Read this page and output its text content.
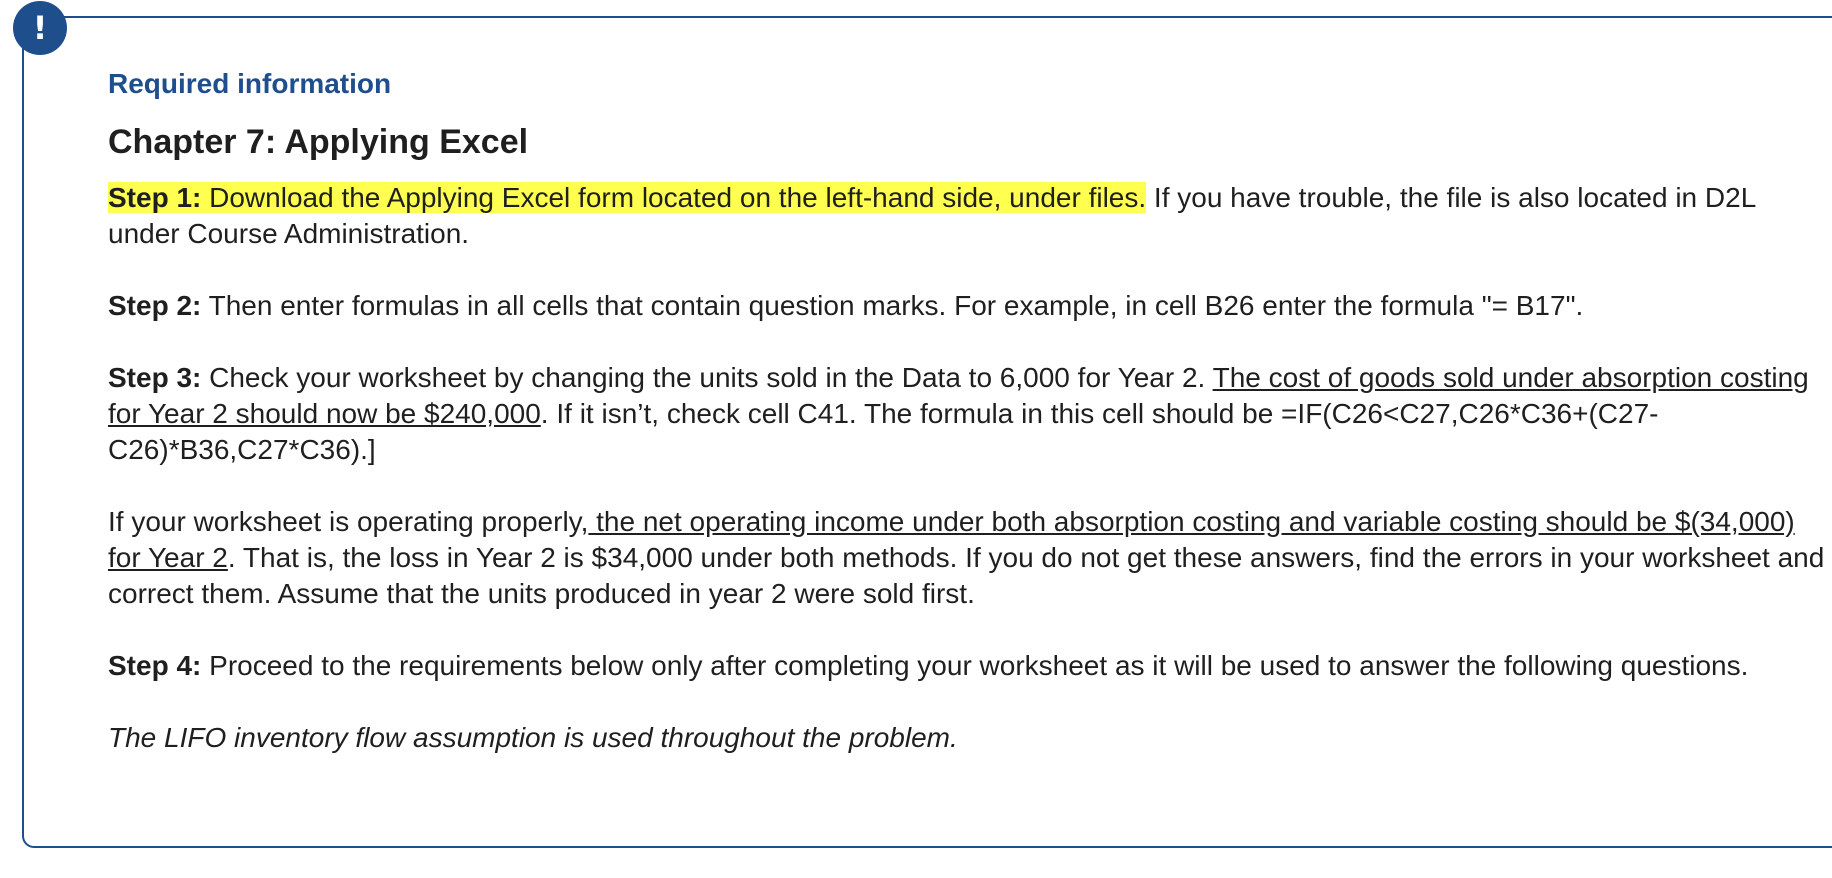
!
Required information
Chapter 7: Applying Excel

Step 1: Download the Applying Excel form located on the left-hand side, under files. If you have trouble, the file is also located in D2L under Course Administration.

Step 2: Then enter formulas in all cells that contain question marks. For example, in cell B26 enter the formula "= B17".

Step 3: Check your worksheet by changing the units sold in the Data to 6,000 for Year 2. The cost of goods sold under absorption costing for Year 2 should now be $240,000. If it isn’t, check cell C41. The formula in this cell should be =IF(C26<C27,C26*C36+(C27-C26)*B36,C27*C36).]

If your worksheet is operating properly, the net operating income under both absorption costing and variable costing should be $(34,000) for Year 2. That is, the loss in Year 2 is $34,000 under both methods. If you do not get these answers, find the errors in your worksheet and correct them. Assume that the units produced in year 2 were sold first.

Step 4: Proceed to the requirements below only after completing your worksheet as it will be used to answer the following questions.

The LIFO inventory flow assumption is used throughout the problem.
